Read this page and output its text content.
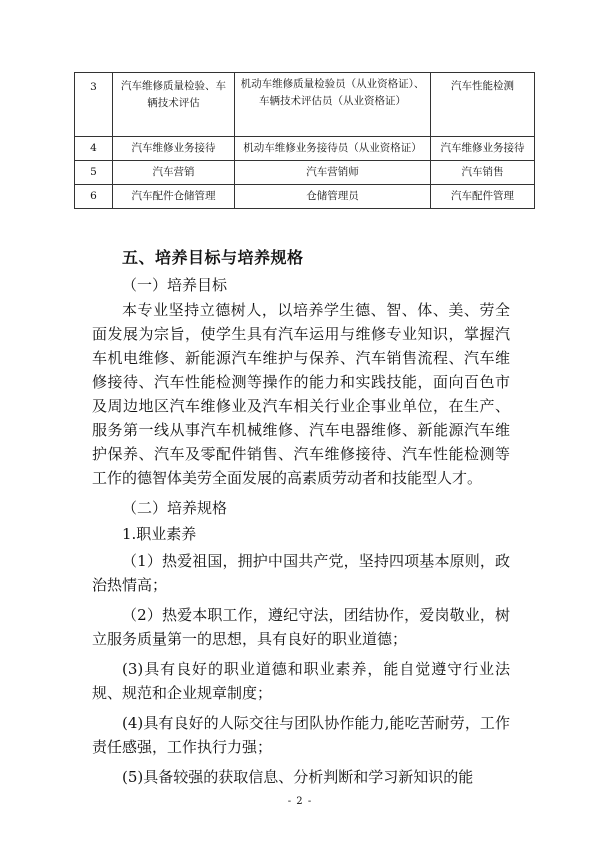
3	汽车维修质量检验、车辆技术评估	机动车维修质量检验员（从业资格证）、车辆技术评估员（从业资格证）	汽车性能检测
4	汽车维修业务接待	机动车维修业务接待员（从业资格证）	汽车维修业务接待
5	汽车营销	汽车营销师	汽车销售
6	汽车配件仓储管理	仓储管理员	汽车配件管理
五、培养目标与培养规格

（一）培养目标

本专业坚持立德树人，以培养学生德、智、体、美、劳全面发展为宗旨，使学生具有汽车运用与维修专业知识，掌握汽车机电维修、新能源汽车维护与保养、汽车销售流程、汽车维修接待、汽车性能检测等操作的能力和实践技能，面向百色市及周边地区汽车维修业及汽车相关行业企事业单位，在生产、服务第一线从事汽车机械维修、汽车电器维修、新能源汽车维护保养、汽车及零配件销售、汽车维修接待、汽车性能检测等工作的德智体美劳全面发展的高素质劳动者和技能型人才。

（二）培养规格

1.职业素养

（1）热爱祖国，拥护中国共产党，坚持四项基本原则，政治热情高；

（2）热爱本职工作，遵纪守法，团结协作，爱岗敬业，树立服务质量第一的思想，具有良好的职业道德；

(3)具有良好的职业道德和职业素养，能自觉遵守行业法规、规范和企业规章制度；

(4)具有良好的人际交往与团队协作能力,能吃苦耐劳，工作责任感强，工作执行力强；

(5)具备较强的获取信息、分析判断和学习新知识的能

- 2 -
